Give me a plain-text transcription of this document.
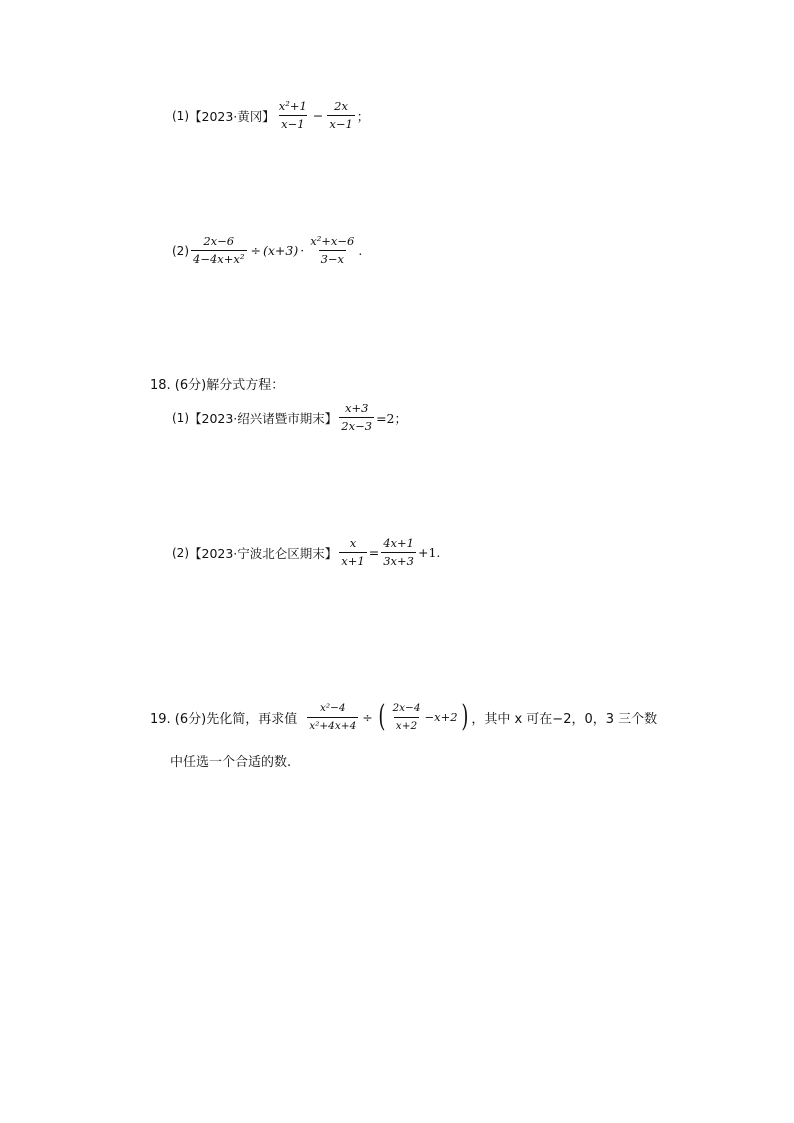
(1) 【2023·黄冈】 $\frac{\text{x²+1}}{x-1} - \frac{2x}{x-1}$ ；
$(2) \frac{2x-6}{\text{4−4x+x²}} \div (x+3) \cdot \frac{\text{x²+x−6}}{3-x}$ .
18. (6分)解分式方程：
(1) 【2023·绍兴诸暨市期末】 $\frac{x+3}{2x-3} =2$；
(2) 【2023·宁波北仑区期末】 $\frac{x}{x+1} = \frac{4x+1}{3x+3} +1$.
19. (6分)先化简，再求值 $\frac{\text{x²−4}}{\text{x²+4x+4}}$ ÷ ( $\frac{2x-4}{x+2} -x+2$ ) ，其中 x 可在−2，0，3 三个数
中任选一个合适的数.
